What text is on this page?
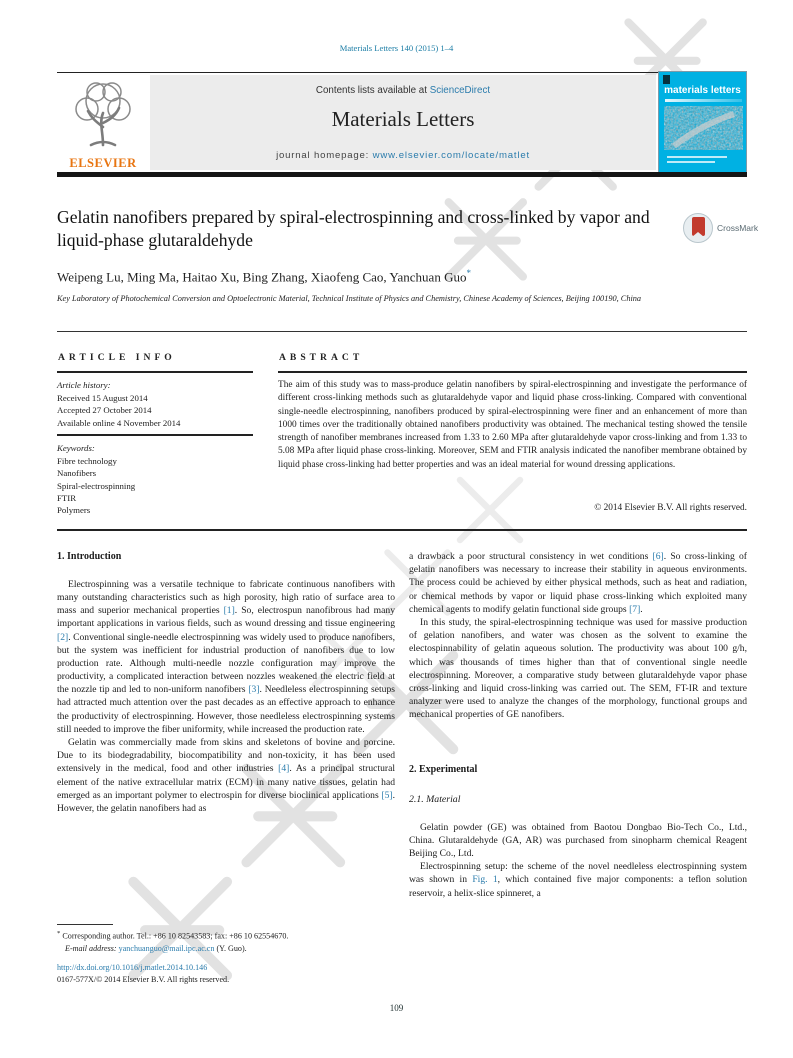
Materials Letters 140 (2015) 1–4
ELSEVIER
Contents lists available at ScienceDirect
Materials Letters
journal homepage: www.elsevier.com/locate/matlet
materials letters
Gelatin nanofibers prepared by spiral-electrospinning and cross-linked by vapor and liquid-phase glutaraldehyde
CrossMark
Weipeng Lu, Ming Ma, Haitao Xu, Bing Zhang, Xiaofeng Cao, Yanchuan Guo*
Key Laboratory of Photochemical Conversion and Optoelectronic Material, Technical Institute of Physics and Chemistry, Chinese Academy of Sciences, Beijing 100190, China
ARTICLE INFO
Article history:
Received 15 August 2014
Accepted 27 October 2014
Available online 4 November 2014
Keywords:
Fibre technology
Nanofibers
Spiral-electrospinning
FTIR
Polymers
ABSTRACT
The aim of this study was to mass-produce gelatin nanofibers by spiral-electrospinning and investigate the performance of different cross-linking methods such as glutaraldehyde vapor and liquid phase cross-linking. Compared with conventional single-needle electrospinning, nanofibers produced by spiral-electrospinning were finer and an enhancement of more than 1000 times over the traditionally obtained nanofibers productivity was obtained. The mechanical testing showed the tensile strength of nanofiber membranes increased from 1.33 to 2.60 MPa after glutaraldehyde vapor cross-linking and from 1.33 to 5.08 MPa after liquid phase cross-linking. Moreover, SEM and FTIR analysis indicated the nanofiber membrane obtained by liquid phase cross-linking had better properties and was an ideal material for wound dressing applications.
© 2014 Elsevier B.V. All rights reserved.
1. Introduction

Electrospinning was a versatile technique to fabricate continuous nanofibers with many outstanding characteristics such as high porosity, high ratio of surface area to mass and superior mechanical properties [1]. So, electrospun nanofibrous had many important applications in various fields, such as wound dressing and tissue engineering [2]. Conventional single-needle electrospinning was widely used to produce nanofibers, but the system was inefficient for industrial production of nanofibers due to low production rate. Although multi-needle nozzle configuration may improve the productivity, a complicated interaction between nozzles weakened the electric field at the nozzle tip and led to non-uniform nanofibers [3]. Needleless electrospinning setups had attracted much attention over the past decades as an effective approach to enhance the productivity of electrospinning. However, those needleless electrospinning systems still needed to improve the fiber uniformity, while increased the production rate.

Gelatin was commercially made from skins and skeletons of bovine and porcine. Due to its biodegradability, biocompatibility and non-toxicity, it has been used extensively in the medical, food and other industries [4]. As a principal structural element of the native extracellular matrix (ECM) in many native tissues, gelatin had emerged as an important polymer to electrospin for diverse bioclinical applications [5]. However, the gelatin nanofibers had as

a drawback a poor structural consistency in wet conditions [6]. So cross-linking of gelatin nanofibers was necessary to increase their stability in aqueous environments. The process could be achieved by either physical methods, such as heat and radiation, or chemical methods by vapor or liquid phase cross-linking which exploited many chemical agents to modify gelatin functional side groups [7].

In this study, the spiral-electrospinning technique was used for massive production of gelation nanofibers, and water was chosen as the solvent to examine the electospinnability of gelatin aqueous solution. The productivity was about 100 g/h, which was thousands of times higher than that of conventional single needle electrospinning. Moreover, a comparative study between glutaraldehyde vapor phase cross-linking and liquid cross-linking was carried out. The SEM, FT-IR and texture analyzer were used to analyze the changes of the morphology, functional groups and mechanical properties of GE nanofibers.

2. Experimental
2.1. Material

Gelatin powder (GE) was obtained from Baotou Dongbao Bio-Tech Co., Ltd., China. Glutaraldehyde (GA, AR) was purchased from sinopharm chemical Reagent Beijing Co., Ltd.

Electrospinning setup: the scheme of the novel needleless electrospinning system was shown in Fig. 1, which contained five major components: a teflon solution reservoir, a helix-slice spinneret, a

* Corresponding author. Tel.: +86 10 82543583; fax: +86 10 62554670.
E-mail address: yanchuanguo@mail.ipc.ac.cn (Y. Guo).
http://dx.doi.org/10.1016/j.matlet.2014.10.146
0167-577X/© 2014 Elsevier B.V. All rights reserved.
109
